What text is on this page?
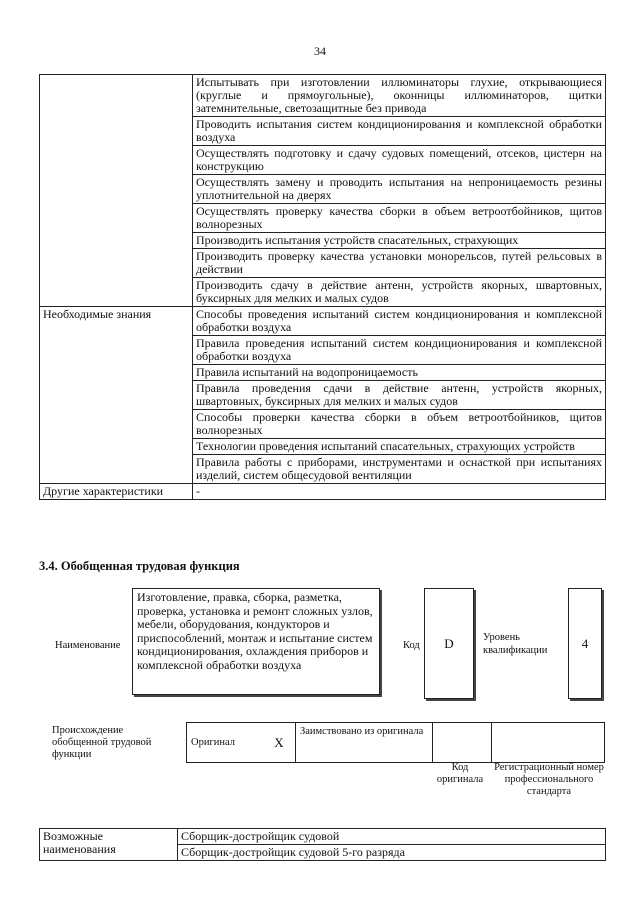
34
	Испытывать при изготовлении иллюминаторы глухие, открывающиеся (круглые и прямоугольные), оконницы иллюминаторов, щитки затемнительные, светозащитные без привода
	Проводить испытания систем кондиционирования и комплексной обработки воздуха
	Осуществлять подготовку и сдачу судовых помещений, отсеков, цистерн на конструкцию
	Осуществлять замену и проводить испытания на непроницаемость резины уплотнительной на дверях
	Осуществлять проверку качества сборки в объем ветроотбойников, щитов волнорезных
	Производить испытания устройств спасательных, страхующих
	Производить проверку качества установки монорельсов, путей рельсовых в действии
	Производить сдачу в действие антенн, устройств якорных, швартовных, буксирных для мелких и малых судов
Необходимые знания	Способы проведения испытаний систем кондиционирования и комплексной обработки воздуха
	Правила проведения испытаний систем кондиционирования и комплексной обработки воздуха
	Правила испытаний на водопроницаемость
	Правила проведения сдачи в действие антенн, устройств якорных, швартовных, буксирных для мелких и малых судов
	Способы проверки качества сборки в объем ветроотбойников, щитов волнорезных
	Технологии проведения испытаний спасательных, страхующих устройств
	Правила работы с приборами, инструментами и оснасткой при испытаниях изделий, систем общесудовой вентиляции
Другие характеристики	-
3.4. Обобщенная трудовая функция
Наименование
Изготовление, правка, сборка, разметка, проверка, установка и ремонт сложных узлов, мебели, оборудования, кондукторов и приспособлений, монтаж и испытание систем кондиционирования, охлаждения приборов и комплексной обработки воздуха
Код	D	Уровень квалификации	4
Происхождение обобщенной трудовой функции
Оригинал	X	Заимствовано из оригинала		
Код оригинала
Регистрационный номер профессионального стандарта
Возможные наименования	Сборщик-достройщик судовой
Сборщик-достройщик судовой 5-го разряда
